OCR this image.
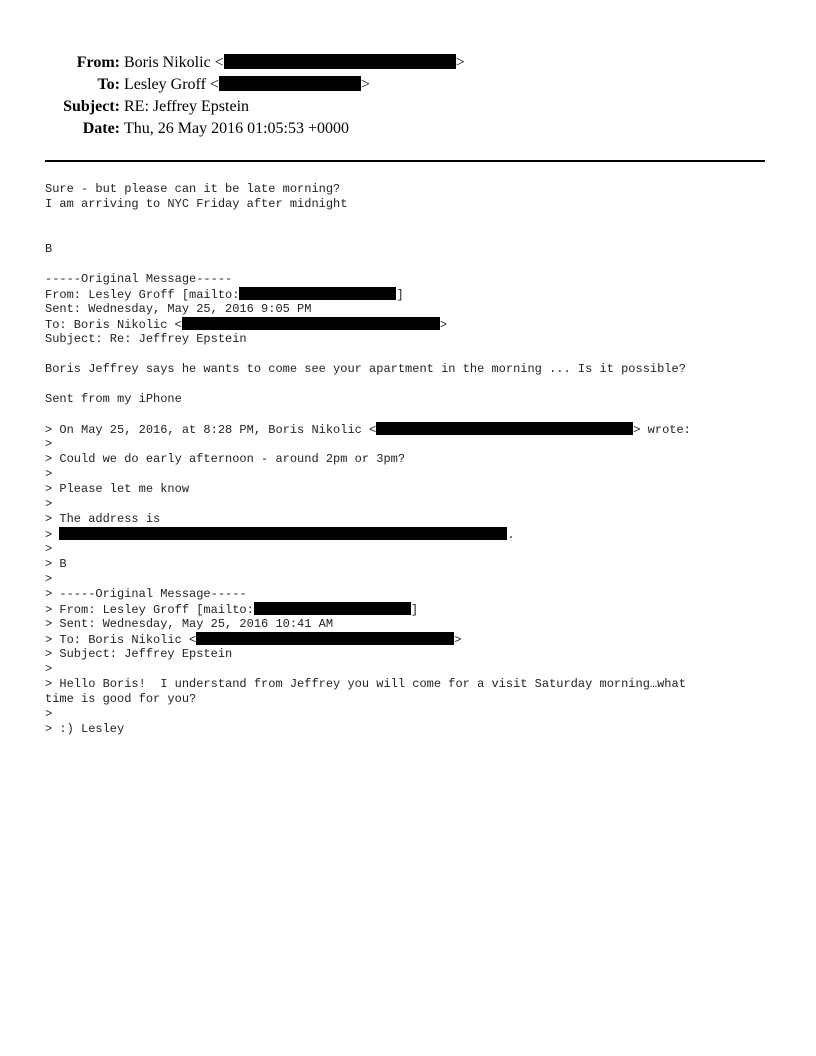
From: Boris Nikolic <	>
To: Lesley Groff <	>
Subject: RE: Jeffrey Epstein
Date: Thu, 26 May 2016 01:05:53 +0000
Sure - but please can it be late morning?
I am arriving to NYC Friday after midnight
B
-----Original Message-----
From: Lesley Groff [mailto:	]
Sent: Wednesday, May 25, 2016 9:05 PM
To: Boris Nikolic <	>
Subject: Re: Jeffrey Epstein
Boris Jeffrey says he wants to come see your apartment in the morning ... Is it possible?
Sent from my iPhone
> On May 25, 2016, at 8:28 PM, Boris Nikolic <	> wrote:
>
> Could we do early afternoon - around 2pm or 3pm?
>
> Please let me know
>
> The address is
>	.
>
> B
>
> -----Original Message-----
> From: Lesley Groff [mailto:	]
> Sent: Wednesday, May 25, 2016 10:41 AM
> To: Boris Nikolic <	>
> Subject: Jeffrey Epstein
>
> Hello Boris!  I understand from Jeffrey you will come for a visit Saturday morning…what
time is good for you?
>
> :) Lesley
